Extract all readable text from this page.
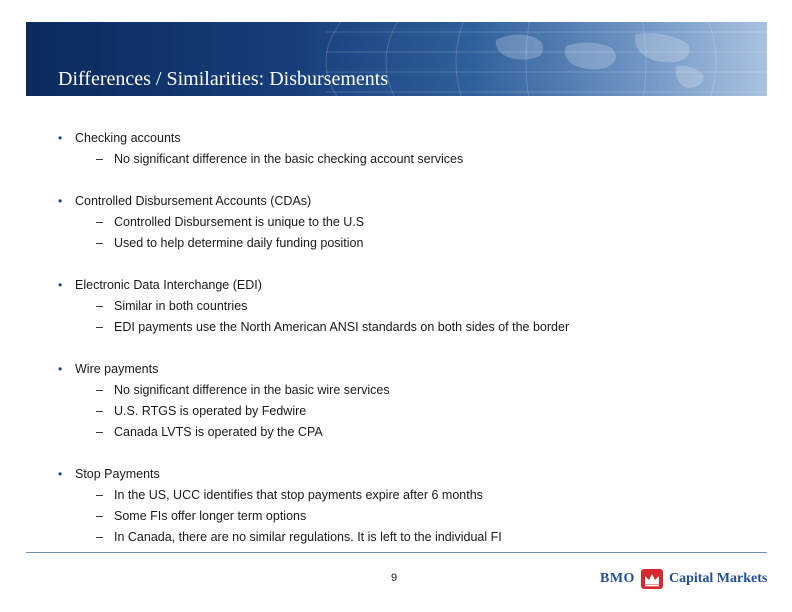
Differences / Similarities: Disbursements
• Checking accounts
– No significant difference in the basic checking account services
• Controlled Disbursement Accounts (CDAs)
– Controlled Disbursement is unique to the U.S
– Used to help determine daily funding position
• Electronic Data Interchange (EDI)
– Similar in both countries
– EDI payments use the North American ANSI standards on both sides of the border
• Wire payments
– No significant difference in the basic wire services
– U.S. RTGS is operated by Fedwire
– Canada LVTS is operated by the CPA
• Stop Payments
– In the US, UCC identifies that stop payments expire after 6 months
– Some FIs offer longer term options
– In Canada, there are no similar regulations. It is left to the individual FI
9	BMO Capital Markets
